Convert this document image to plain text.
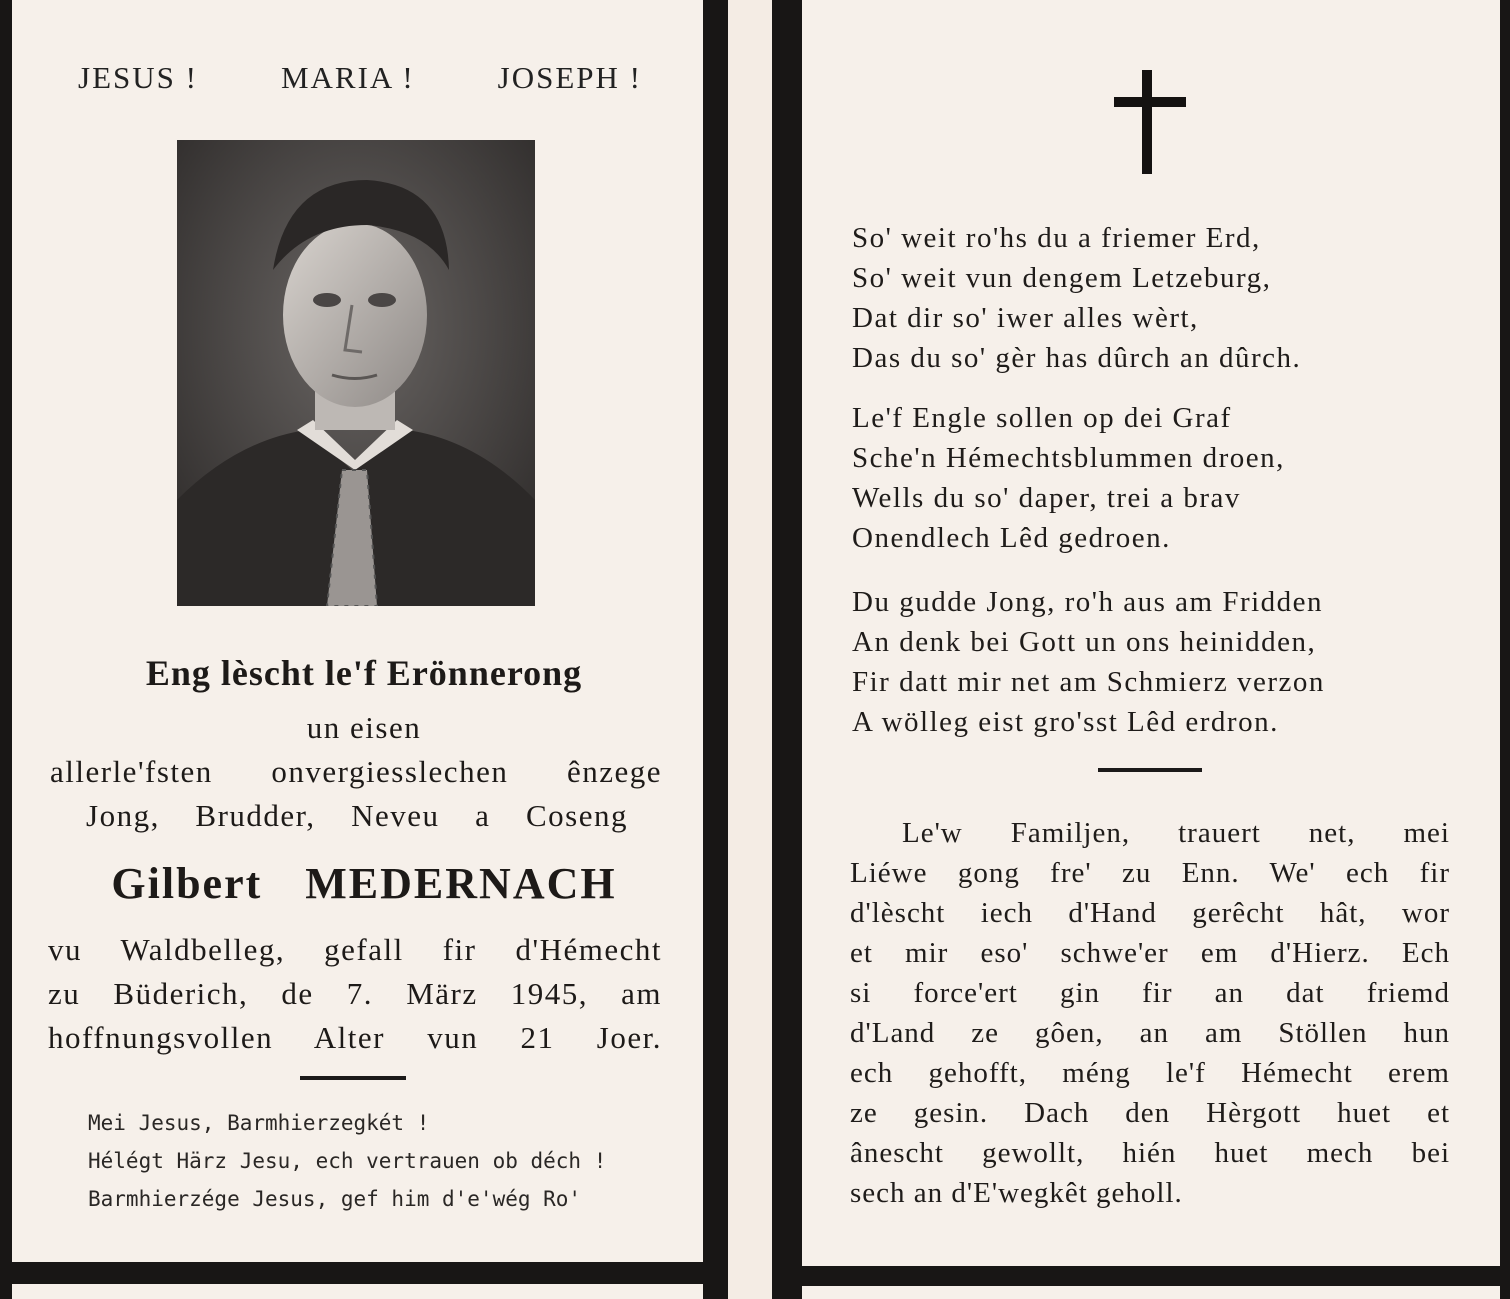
JESUS !	MARIA !	JOSEPH !
Eng lèscht le'f Erönnerong
un eisen
allerle'fsten onvergiesslechen ênzege
Jong, Brudder, Neveu a Coseng
Gilbert MEDERNACH
vu Waldbelleg, gefall fir d'Hémecht
zu Büderich, de 7. März 1945, am
hoffnungsvollen Alter vun 21 Joer.
Mei Jesus, Barmhierzegkét !
Hélégt Härz Jesu, ech vertrauen ob déch !
Barmhierzége Jesus, gef him d'e'wég Ro'
So' weit ro'hs du a friemer Erd,
So' weit vun dengem Letzeburg,
Dat dir so' iwer alles wèrt,
Das du so' gèr has dûrch an dûrch.
Le'f Engle sollen op dei Graf
Sche'n Hémechtsblummen droen,
Wells du so' daper, trei a brav
Onendlech Lêd gedroen.
Du gudde Jong, ro'h aus am Fridden
An denk bei Gott un ons heinidden,
Fir datt mir net am Schmierz verzon
A wölleg eist gro'sst Lêd erdron.
Le'w Familjen, trauert net, mei
Liéwe gong fre' zu Enn. We' ech fir
d'lèscht iech d'Hand gerêcht hât, wor
et mir eso' schwe'er em d'Hierz. Ech
si force'ert gin fir an dat friemd
d'Land ze gôen, an am Stöllen hun
ech gehofft, méng le'f Hémecht erem
ze gesin. Dach den Hèrgott huet et
ânescht gewollt, hién huet mech bei
sech an d'E'wegkêt geholl.
